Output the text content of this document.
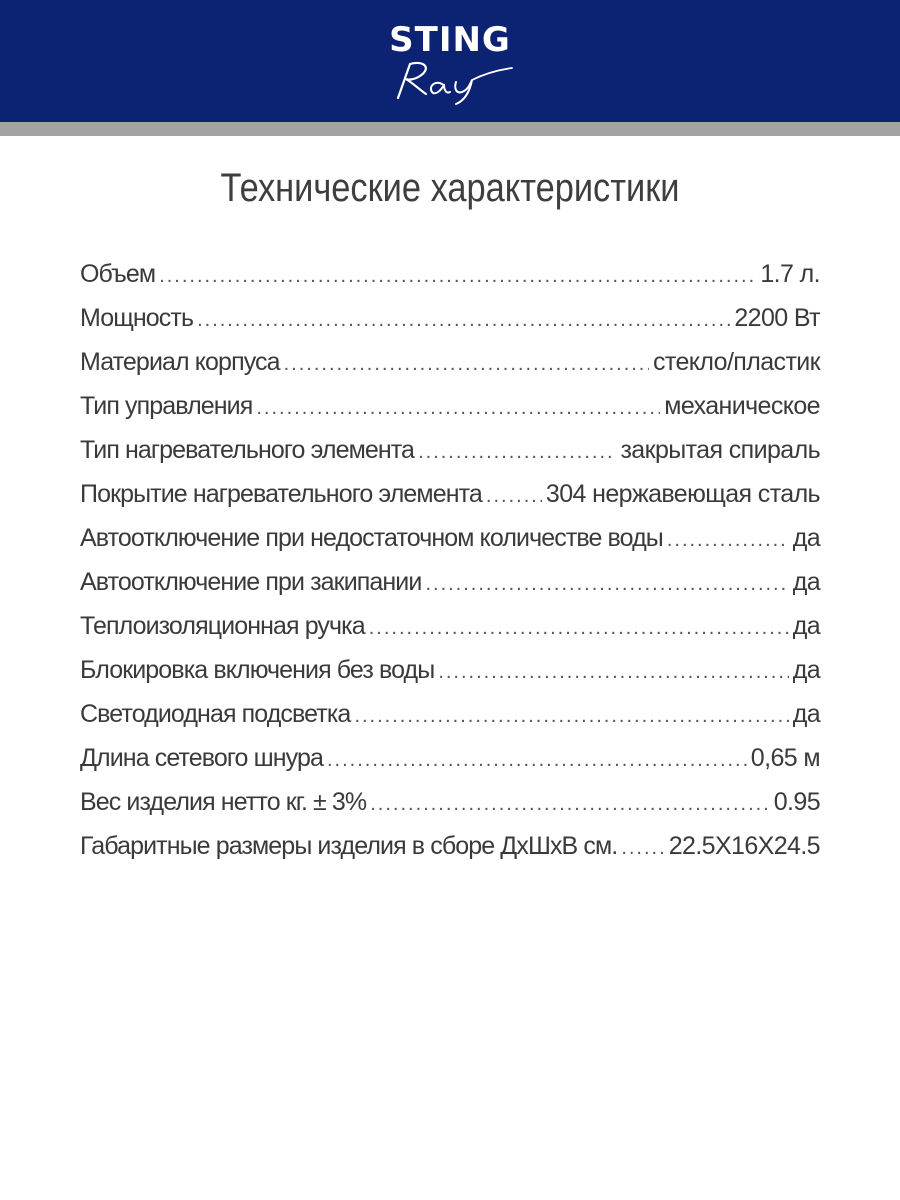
STING
Технические характеристики
Объем .....	1.7 л.
Мощность .....	2200 Вт
Материал корпуса .....	стекло/пластик
Тип управления .....	механическое
Тип нагревательного элемента .....	закрытая спираль
Покрытие нагревательного элемента .....	304 нержавеющая сталь
Автоотключение при недостаточном количестве воды .....	да
Автоотключение при закипании .....	да
Теплоизоляционная ручка .....	да
Блокировка включения без воды .....	да
Светодиодная подсветка .....	да
Длина сетевого шнура .....	0,65 м
Вес изделия нетто кг. ± 3% .....	0.95
Габаритные размеры изделия в сборе ДхШхВ см. ..... 22.5X16X24.5
